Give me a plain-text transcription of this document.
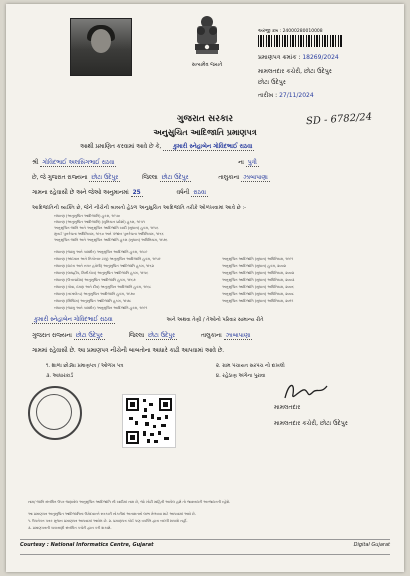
સત્યમેવ જયતે
અરજી ક્રમ : 24000280010008
પ્રમાણપત્ર ક્રમાંક : 18269/2024
મામલતદાર કચેરી, છોટા ઉદેપુર
છોટા ઉદેપુર
તારીખ : 27/11/2024
SD - 6782/24
ગુજરાત સરકાર
અનુસુચિત આદિજાતિ પ્રમાણપત્ર
આથી પ્રમાણિત કરવામાં આવે છે કે, કુમારી સ્નેહાબેન ગોવિંદભાઈ રાઠવા
શ્રી ગોવિંદભાઈ અલસિંગભાઈ રાઠવા	ના પુત્રી
છે, જે ગુજરાત રાજ્યના છોટા ઉદેપુર	જિલ્લા છોટા ઉદેપુર	તાલુકાના ઝાબાપાણા
ગામના રહેવાસી છે અને જેઓ અનુમાનમાં 25	વર્ષની રાઠવા
આદિજાતિની વ્યક્તિ છે, જેને નીચેની બાબતો હેઠળ અનુસુચિત આદિજાતિ તરીકે ઓળખવામાં આવે છે :-
બંધારણ (અનુસુચિત આદિજાતિ) હુકમ, ૧૯૫૦
બંધારણ (અનુસુચિત આદિજાતિ) (યુનિયન પ્રદેશો) હુકમ, ૧૯૫૧
અનુસુચિત જાતિ અને અનુસુચિત આદિજાતિ યાદી (સુધારા) હુકમ, ૧૯૫૬
મુંબઈ પુનર્રચના અધિનિયમ, ૧૯૬૦ અને પંજાબ પુનર્રચના અધિનિયમ, ૧૯૬૬
અનુસુચિત જાતિ અને અનુસુચિત આદિજાતિ હુકમ (સુધારા) અધિનિયમ, ૧૯૭૬
બંધારણ (જમ્મુ અને કાશ્મીર) અનુસુચિત આદિજાતિ હુકમ, ૧૯૮૯
બંધારણ (અંદમાન અને નિકોબાર ટાપુ) અનુસુચિત આદિજાતિ હુકમ, ૧૯૫૯
બંધારણ (દાદરા અને નગર હવેલી) અનુસુચિત આદિજાતિ હુકમ, ૧૯૬૨
બંધારણ (લક્ષદ્વીપ, મિનીકોય) અનુસુચિત આદિજાતિ હુકમ, ૧૯૫૬
બંધારણ (ઉત્તરપ્રદેશ) અનુસુચિત આદિજાતિ હુકમ, ૧૯૬૭
બંધારણ (ગોવા, દમણ અને દીવ) અનુસુચિત આદિજાતિ હુકમ, ૧૯૬૮
બંધારણ (નાગાલેન્ડ) અનુસુચિત આદિજાતિ હુકમ, ૧૯૭૦
બંધારણ (સિક્કિમ) અનુસુચિત આદિજાતિ હુકમ, ૧૯૭૮
બંધારણ (જમ્મુ અને કાશ્મીર) અનુસુચિત આદિજાતિ હુકમ, ૧૯૯૧
અનુસુચિત આદિજાતિ (સુધારા) અધિનિયમ, ૧૯૯૧
અનુસુચિત આદિજાતિ (સુધારા) હુકમ, ૨૦૦૨
અનુસુચિત આદિજાતિ (સુધારા) અધિનિયમ, ૨૦૦૨
અનુસુચિત આદિજાતિ (સુધારા) અધિનિયમ, ૨૦૦૩
અનુસુચિત આદિજાતિ (સુધારા) અધિનિયમ, ૨૦૦૬
અનુસુચિત આદિજાતિ (સુધારા) અધિનિયમ, ૨૦૦૮
અનુસુચિત આદિજાતિ (સુધારા) અધિનિયમ, ૨૦૧૧
કુમારી સ્નેહાબેન ગોવિંદભાઈ રાઠવા	અને અથવા તેણી / તેઓનો પરિવાર સામાન્ય રીતે
ગુજરાત રાજ્યના છોટા ઉદેપુર	જિલ્લા છોટા ઉદેપુર	તાલુકાના ઝાબાપાણા
ગામમાં રહેવાસી છે. આ પ્રમાણપત્ર નીચેની બાબતોના આધારે કાઢી આપવામાં આવે છે.
૧. શાળા છોડ્યા પ્રમાણપત્ર / ઓળખ પત્ર	૨. ગ્રામ પંચાયત સરપંચ નો દાખલો
૩. આધારકાર્ડ	૪. રહેઠાણ અંગેના પુરાવા
મામલતદાર
મામલતદાર કચેરી, છોટા ઉદેપુર
નામ/ જાતિ સંબંધિત ઉપર જણાવેલ અનુસુચિત આદિજાતિ ની યાદીમાં નામ છે, જો ખોટી માહિતી આપેલ હશે તો જવાબદારી અરજદારની રહેશે.
આ પ્રમાણપત્ર અનુસુચિત આદિજાતિના ઉમેદવારને સરકારી નોકરીમાં અનામતનો લાભ મેળવવા માટે આપવામાં આવે છે.
૧. ઉપરોક્ત પત્રક મુજબ પ્રમાણપત્ર આપવામાં આવેલ છે. ૨. પ્રમાણપત્ર કોઈ પણ વ્યક્તિ દ્વારા બદલી શકાશે નહીં.
૩. પ્રમાણપત્રની ચકાસણી સંબંધિત કચેરી દ્વારા કરી શકાશે.
Courtesy : National Informatics Centre, Gujarat	Digital Gujarat
